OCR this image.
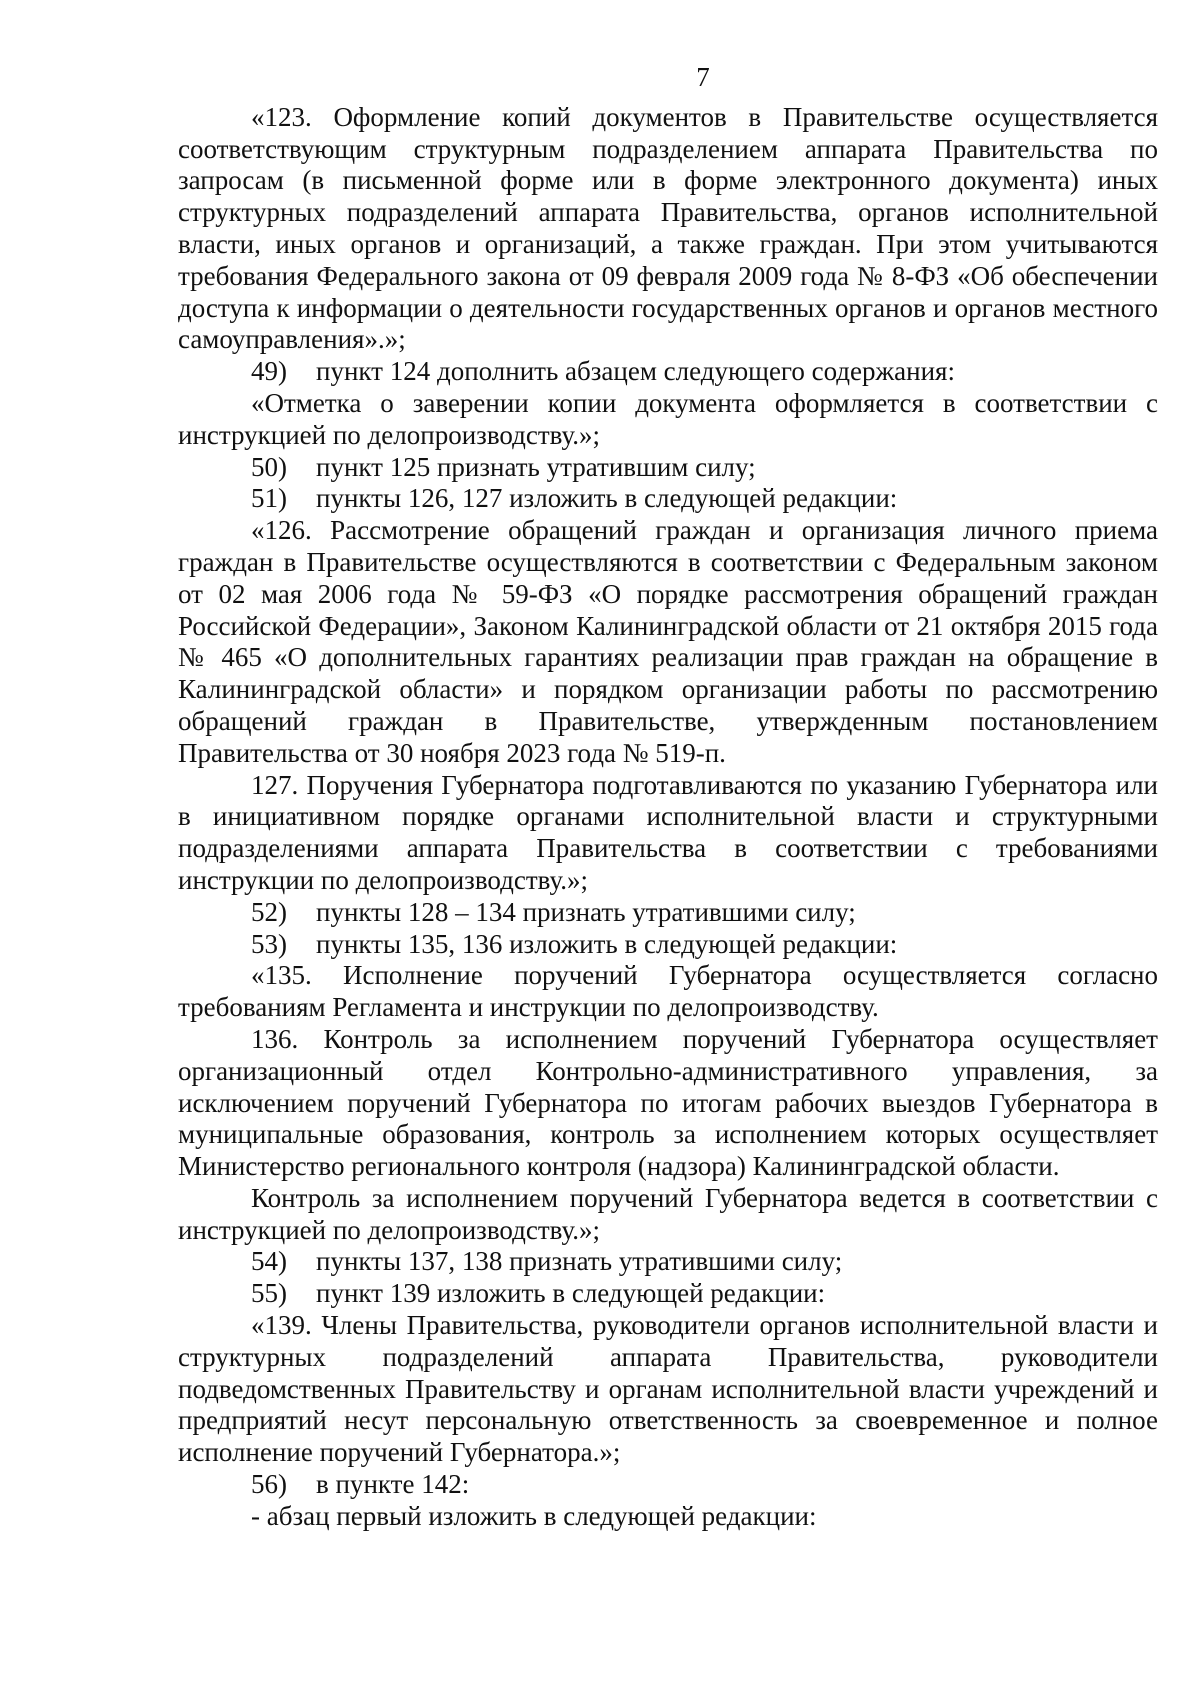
7
«123. Оформление копий документов в Правительстве осуществляется соответствующим структурным подразделением аппарата Правительства по запросам (в письменной форме или в форме электронного документа) иных структурных подразделений аппарата Правительства, органов исполнительной власти, иных органов и организаций, а также граждан. При этом учитываются требования Федерального закона от 09 февраля 2009 года № 8-ФЗ «Об обеспечении доступа к информации о деятельности государственных органов и органов местного самоуправления».»;
49) пункт 124 дополнить абзацем следующего содержания:
«Отметка о заверении копии документа оформляется в соответствии с инструкцией по делопроизводству.»;
50) пункт 125 признать утратившим силу;
51) пункты 126, 127 изложить в следующей редакции:
«126. Рассмотрение обращений граждан и организация личного приема граждан в Правительстве осуществляются в соответствии с Федеральным законом от 02 мая 2006 года № 59-ФЗ «О порядке рассмотрения обращений граждан Российской Федерации», Законом Калининградской области от 21 октября 2015 года № 465 «О дополнительных гарантиях реализации прав граждан на обращение в Калининградской области» и порядком организации работы по рассмотрению обращений граждан в Правительстве, утвержденным постановлением Правительства от 30 ноября 2023 года № 519-п.
127. Поручения Губернатора подготавливаются по указанию Губернатора или в инициативном порядке органами исполнительной власти и структурными подразделениями аппарата Правительства в соответствии с требованиями инструкции по делопроизводству.»;
52) пункты 128 – 134 признать утратившими силу;
53) пункты 135, 136 изложить в следующей редакции:
«135. Исполнение поручений Губернатора осуществляется согласно требованиям Регламента и инструкции по делопроизводству.
136. Контроль за исполнением поручений Губернатора осуществляет организационный отдел Контрольно-административного управления, за исключением поручений Губернатора по итогам рабочих выездов Губернатора в муниципальные образования, контроль за исполнением которых осуществляет Министерство регионального контроля (надзора) Калининградской области.
Контроль за исполнением поручений Губернатора ведется в соответствии с инструкцией по делопроизводству.»;
54) пункты 137, 138 признать утратившими силу;
55) пункт 139 изложить в следующей редакции:
«139. Члены Правительства, руководители органов исполнительной власти и структурных подразделений аппарата Правительства, руководители подведомственных Правительству и органам исполнительной власти учреждений и предприятий несут персональную ответственность за своевременное и полное исполнение поручений Губернатора.»;
56) в пункте 142:
- абзац первый изложить в следующей редакции:
